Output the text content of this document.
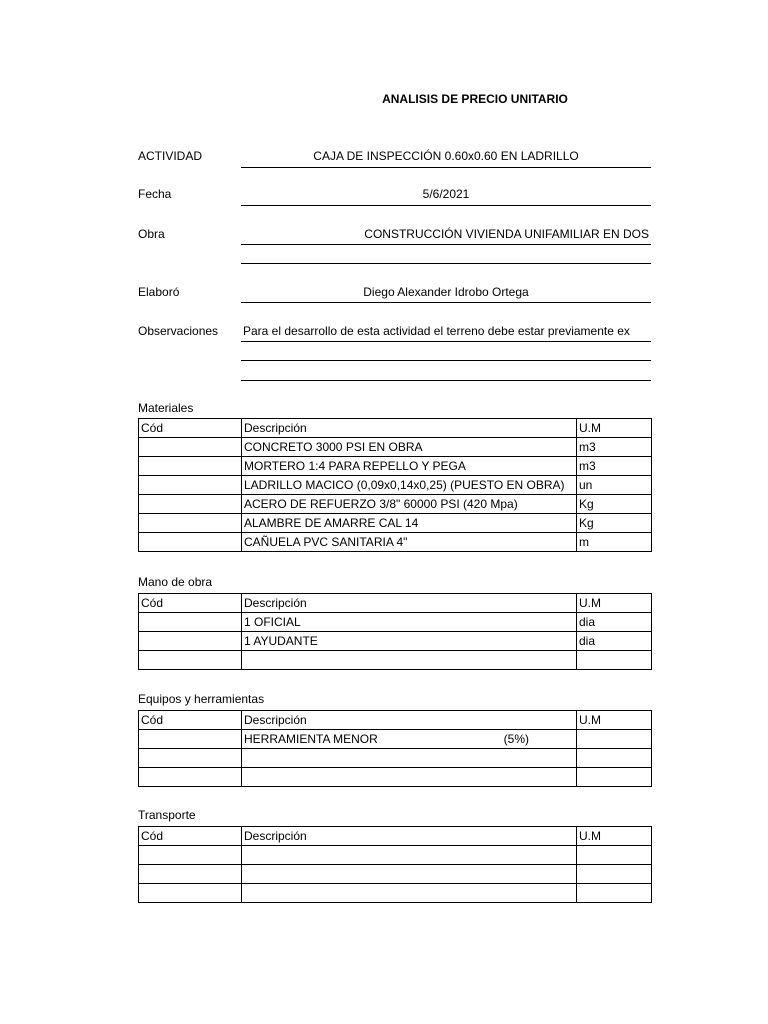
ANALISIS DE PRECIO UNITARIO
ACTIVIDAD	CAJA DE INSPECCIÓN 0.60x0.60 EN LADRILLO
Fecha	5/6/2021
Obra	CONSTRUCCIÓN VIVIENDA UNIFAMILIAR EN DOS
Elaboró	Diego Alexander Idrobo Ortega
Observaciones Para el desarrollo de esta actividad el terreno debe estar previamente ex
Materiales
Cód	Descripción	U.M
	CONCRETO 3000 PSI EN OBRA	m3
	MORTERO 1:4 PARA REPELLO Y PEGA	m3
	LADRILLO MACICO (0,09x0,14x0,25) (PUESTO EN OBRA)	un
	ACERO DE REFUERZO 3/8" 60000 PSI (420 Mpa)	Kg
	ALAMBRE DE AMARRE CAL 14	Kg
	CAÑUELA PVC SANITARIA 4"	m
Mano de obra
Cód	Descripción	U.M
	1 OFICIAL	dia
	1 AYUDANTE	dia

Equipos y herramientas
Cód	Descripción	U.M
	HERRAMIENTA MENOR (5%)	

Transporte
Cód	Descripción	U.M
